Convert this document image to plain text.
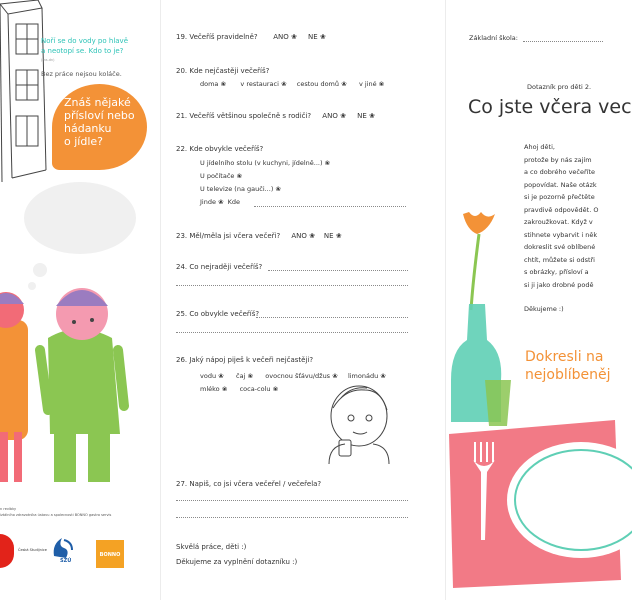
Noří se do vody po hlavě
a neotopí se. Kdo to je?
(ms.dn)
Bez práce nejsou koláče.
Znáš nějaké
přísloví nebo
hádanku
o jídle?
n revíbky
iztálního zdravotníka ústavu a spolecnosti BONNO gastro servis
Česká Studijnice
SZÚ
BONNO
19. Večeříš pravidelně? ANO ❀ NE ❀
20. Kde nejčastěji večeříš?
doma ❀ v restauraci ❀ cestou domů ❀ v jiné ❀
21. Večeříš většinou společně s rodiči? ANO ❀ NE ❀
22. Kde obvykle večeříš?
U jídelního stolu (v kuchyni, jídelně...) ❀
U počítače ❀
U televize (na gauči...) ❀
Jinde ❀  Kde
23. Měl/měla jsi včera večeři? ANO ❀ NE ❀
24. Co nejraději večeříš?
25. Co obvykle večeříš?
26. Jaký nápoj piješ k večeři nejčastěji?
vodu ❀ čaj ❀ ovocnou šťávu/džus ❀ limonádu ❀
mléko ❀ coca-colu ❀
27. Napiš, co jsi včera večeřel / večeřela?
Skvělá práce, děti :)
Děkujeme za vyplnění dotazníku :)
Základní škola:
Dotazník pro děti 2.
Co jste včera vec
Ahoj děti,
protože by nás zajím
a co dobrého večeříte
popovídat. Naše otázk
si je pozorně přečtěte
pravdivě odpovědět. O
zakroužkovat. Když v
stihnete vybarvit i něk
dokreslit své oblíbené
chtít, můžete si odstři
s obrázky, přísloví a
si ji jako drobné podě
Děkujeme :)
Dokresli na
nejoblíbeněj
